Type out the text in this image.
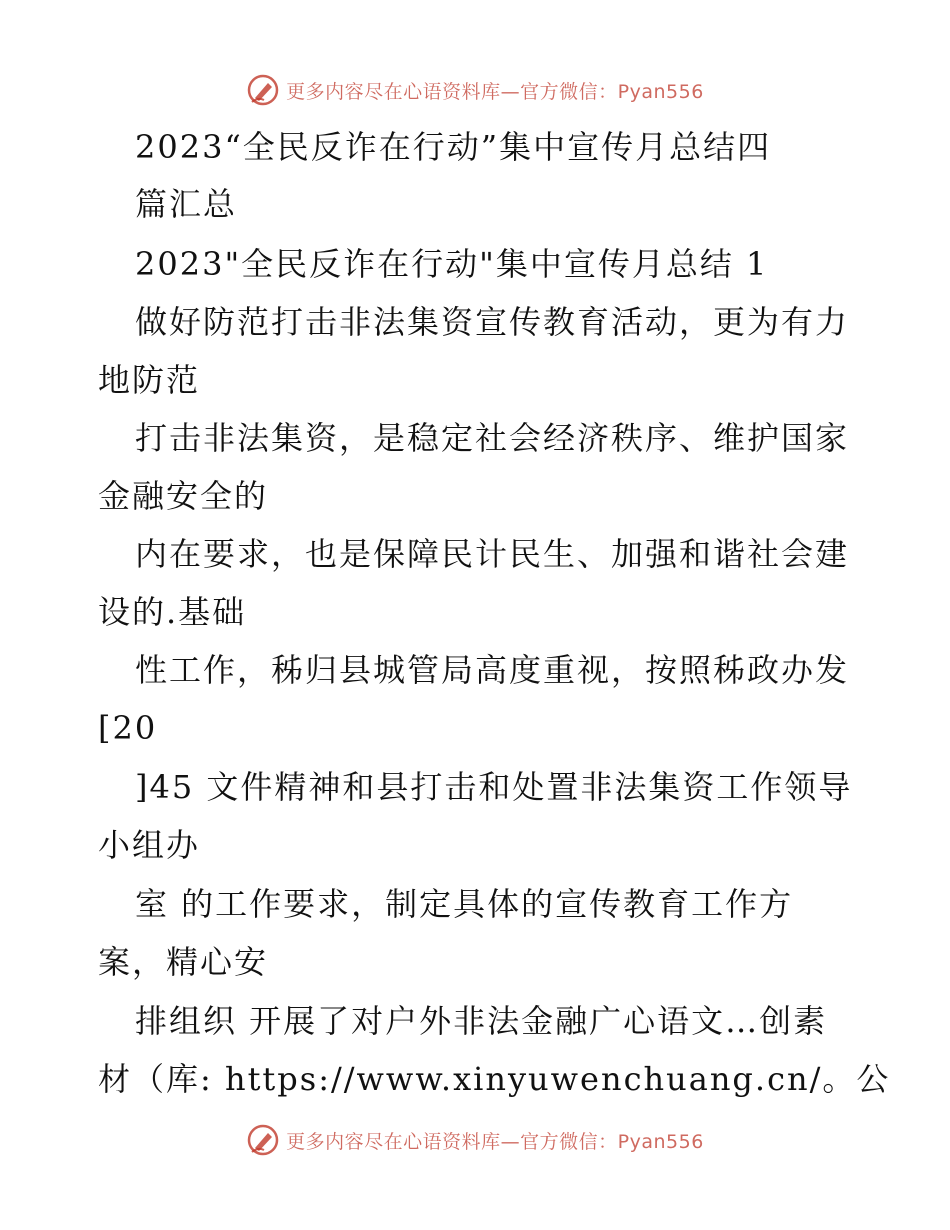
更多内容尽在心语资料库—官方微信：Pyan556
2023“全民反诈在行动”集中宣传月总结四
篇汇总
2023"全民反诈在行动"集中宣传月总结 1
做好防范打击非法集资宣传教育活动，更为有力
地防范
打击非法集资，是稳定社会经济秩序、维护国家
金融安全的
内在要求，也是保障民计民生、加强和谐社会建
设的.基础
性工作，秭归县城管局高度重视，按照秭政办发
[20
]45 文件精神和县打击和处置非法集资工作领导
小组办
室 的工作要求，制定具体的宣传教育工作方
案，精心安
排组织 开展了对户外非法金融广心语文…创素
材（库: https://www.xinyuwenchuang.cn/。公
更多内容尽在心语资料库—官方微信：Pyan556
